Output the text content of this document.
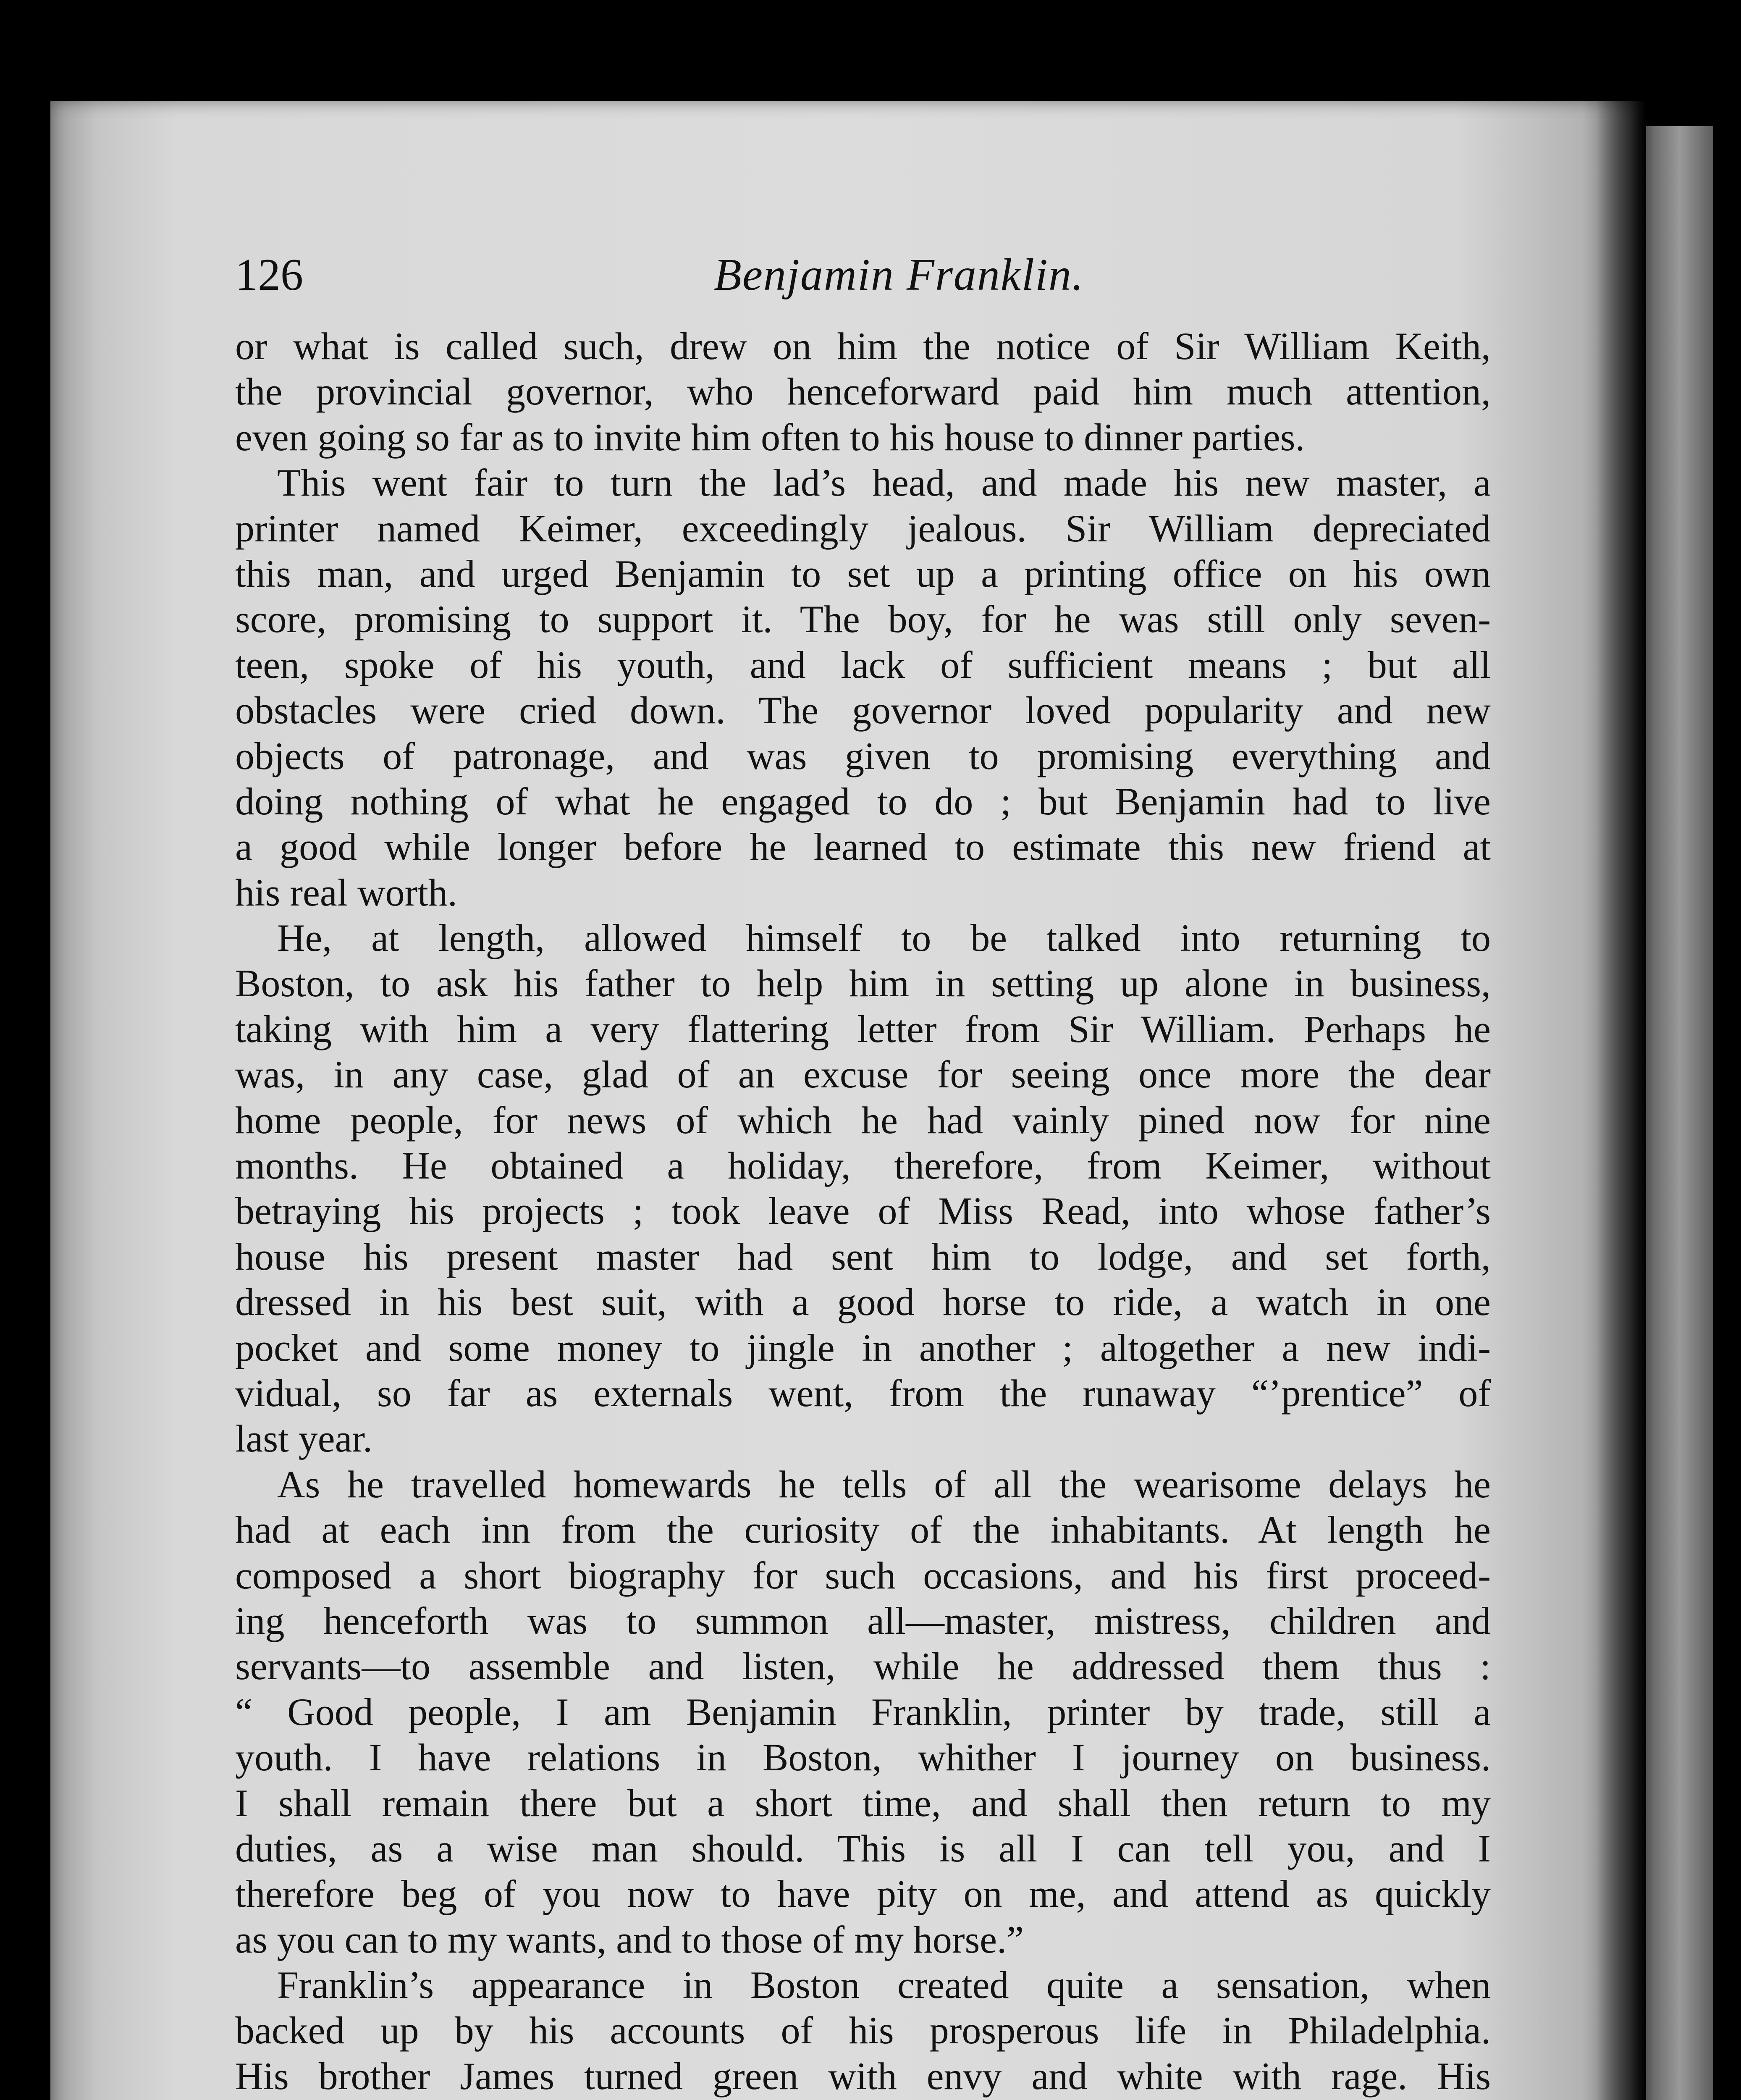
126	Benjamin Franklin.
or what is called such, drew on him the notice of Sir William Keith,
the provincial governor, who henceforward paid him much attention,
even going so far as to invite him often to his house to dinner parties.
This went fair to turn the lad’s head, and made his new master, a
printer named Keimer, exceedingly jealous. Sir William depreciated
this man, and urged Benjamin to set up a printing office on his own
score, promising to support it. The boy, for he was still only seven-
teen, spoke of his youth, and lack of sufficient means ; but all
obstacles were cried down. The governor loved popularity and new
objects of patronage, and was given to promising everything and
doing nothing of what he engaged to do ; but Benjamin had to live
a good while longer before he learned to estimate this new friend at
his real worth.
He, at length, allowed himself to be talked into returning to
Boston, to ask his father to help him in setting up alone in business,
taking with him a very flattering letter from Sir William. Perhaps he
was, in any case, glad of an excuse for seeing once more the dear
home people, for news of which he had vainly pined now for nine
months. He obtained a holiday, therefore, from Keimer, without
betraying his projects ; took leave of Miss Read, into whose father’s
house his present master had sent him to lodge, and set forth,
dressed in his best suit, with a good horse to ride, a watch in one
pocket and some money to jingle in another ; altogether a new indi-
vidual, so far as externals went, from the runaway “’prentice” of
last year.
As he travelled homewards he tells of all the wearisome delays he
had at each inn from the curiosity of the inhabitants. At length he
composed a short biography for such occasions, and his first proceed-
ing henceforth was to summon all—master, mistress, children and
servants—to assemble and listen, while he addressed them thus :
“ Good people, I am Benjamin Franklin, printer by trade, still a
youth. I have relations in Boston, whither I journey on business.
I shall remain there but a short time, and shall then return to my
duties, as a wise man should. This is all I can tell you, and I
therefore beg of you now to have pity on me, and attend as quickly
as you can to my wants, and to those of my horse.”
Franklin’s appearance in Boston created quite a sensation, when
backed up by his accounts of his prosperous life in Philadelphia.
His brother James turned green with envy and white with rage. His
